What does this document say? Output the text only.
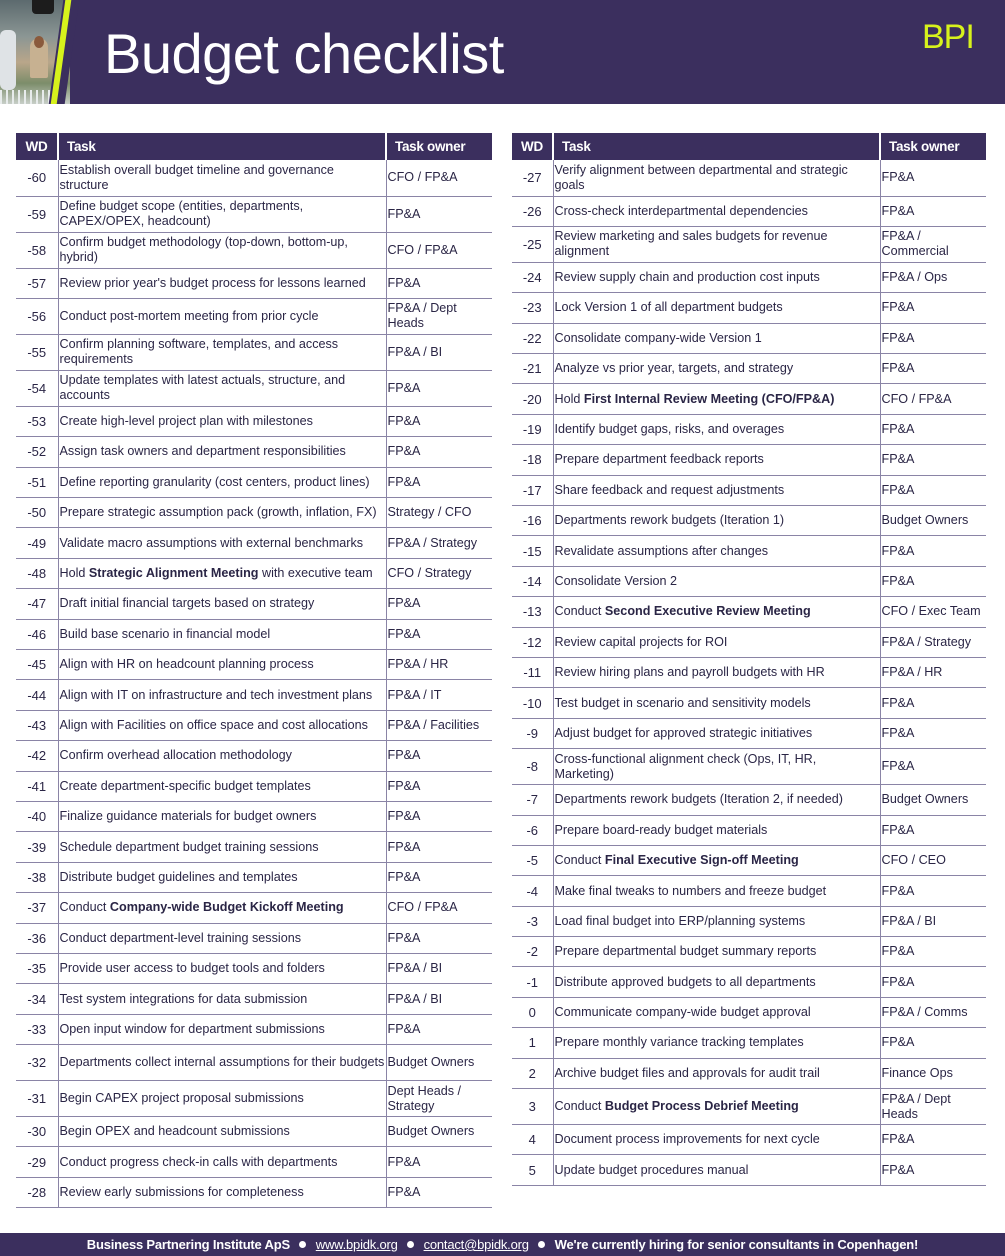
Budget checklist	BPI
WD	Task	Task owner
-60	Establish overall budget timeline and governance structure	CFO / FP&A
-59	Define budget scope (entities, departments, CAPEX/OPEX, headcount)	FP&A
-58	Confirm budget methodology (top-down, bottom-up, hybrid)	CFO / FP&A
-57	Review prior year's budget process for lessons learned	FP&A
-56	Conduct post-mortem meeting from prior cycle	FP&A / Dept Heads
-55	Confirm planning software, templates, and access requirements	FP&A / BI
-54	Update templates with latest actuals, structure, and accounts	FP&A
-53	Create high-level project plan with milestones	FP&A
-52	Assign task owners and department responsibilities	FP&A
-51	Define reporting granularity (cost centers, product lines)	FP&A
-50	Prepare strategic assumption pack (growth, inflation, FX)	Strategy / CFO
-49	Validate macro assumptions with external benchmarks	FP&A / Strategy
-48	Hold Strategic Alignment Meeting with executive team	CFO / Strategy
-47	Draft initial financial targets based on strategy	FP&A
-46	Build base scenario in financial model	FP&A
-45	Align with HR on headcount planning process	FP&A / HR
-44	Align with IT on infrastructure and tech investment plans	FP&A / IT
-43	Align with Facilities on office space and cost allocations	FP&A / Facilities
-42	Confirm overhead allocation methodology	FP&A
-41	Create department-specific budget templates	FP&A
-40	Finalize guidance materials for budget owners	FP&A
-39	Schedule department budget training sessions	FP&A
-38	Distribute budget guidelines and templates	FP&A
-37	Conduct Company-wide Budget Kickoff Meeting	CFO / FP&A
-36	Conduct department-level training sessions	FP&A
-35	Provide user access to budget tools and folders	FP&A / BI
-34	Test system integrations for data submission	FP&A / BI
-33	Open input window for department submissions	FP&A
-32	Departments collect internal assumptions for their budgets	Budget Owners
-31	Begin CAPEX project proposal submissions	Dept Heads / Strategy
-30	Begin OPEX and headcount submissions	Budget Owners
-29	Conduct progress check-in calls with departments	FP&A
-28	Review early submissions for completeness	FP&A
WD	Task	Task owner
-27	Verify alignment between departmental and strategic goals	FP&A
-26	Cross-check interdepartmental dependencies	FP&A
-25	Review marketing and sales budgets for revenue alignment	FP&A / Commercial
-24	Review supply chain and production cost inputs	FP&A / Ops
-23	Lock Version 1 of all department budgets	FP&A
-22	Consolidate company-wide Version 1	FP&A
-21	Analyze vs prior year, targets, and strategy	FP&A
-20	Hold First Internal Review Meeting (CFO/FP&A)	CFO / FP&A
-19	Identify budget gaps, risks, and overages	FP&A
-18	Prepare department feedback reports	FP&A
-17	Share feedback and request adjustments	FP&A
-16	Departments rework budgets (Iteration 1)	Budget Owners
-15	Revalidate assumptions after changes	FP&A
-14	Consolidate Version 2	FP&A
-13	Conduct Second Executive Review Meeting	CFO / Exec Team
-12	Review capital projects for ROI	FP&A / Strategy
-11	Review hiring plans and payroll budgets with HR	FP&A / HR
-10	Test budget in scenario and sensitivity models	FP&A
-9	Adjust budget for approved strategic initiatives	FP&A
-8	Cross-functional alignment check (Ops, IT, HR, Marketing)	FP&A
-7	Departments rework budgets (Iteration 2, if needed)	Budget Owners
-6	Prepare board-ready budget materials	FP&A
-5	Conduct Final Executive Sign-off Meeting	CFO / CEO
-4	Make final tweaks to numbers and freeze budget	FP&A
-3	Load final budget into ERP/planning systems	FP&A / BI
-2	Prepare departmental budget summary reports	FP&A
-1	Distribute approved budgets to all departments	FP&A
0	Communicate company-wide budget approval	FP&A / Comms
1	Prepare monthly variance tracking templates	FP&A
2	Archive budget files and approvals for audit trail	Finance Ops
3	Conduct Budget Process Debrief Meeting	FP&A / Dept Heads
4	Document process improvements for next cycle	FP&A
5	Update budget procedures manual	FP&A
Business Partnering Institute ApS www.bpidk.org contact@bpidk.org We're currently hiring for senior consultants in Copenhagen!
